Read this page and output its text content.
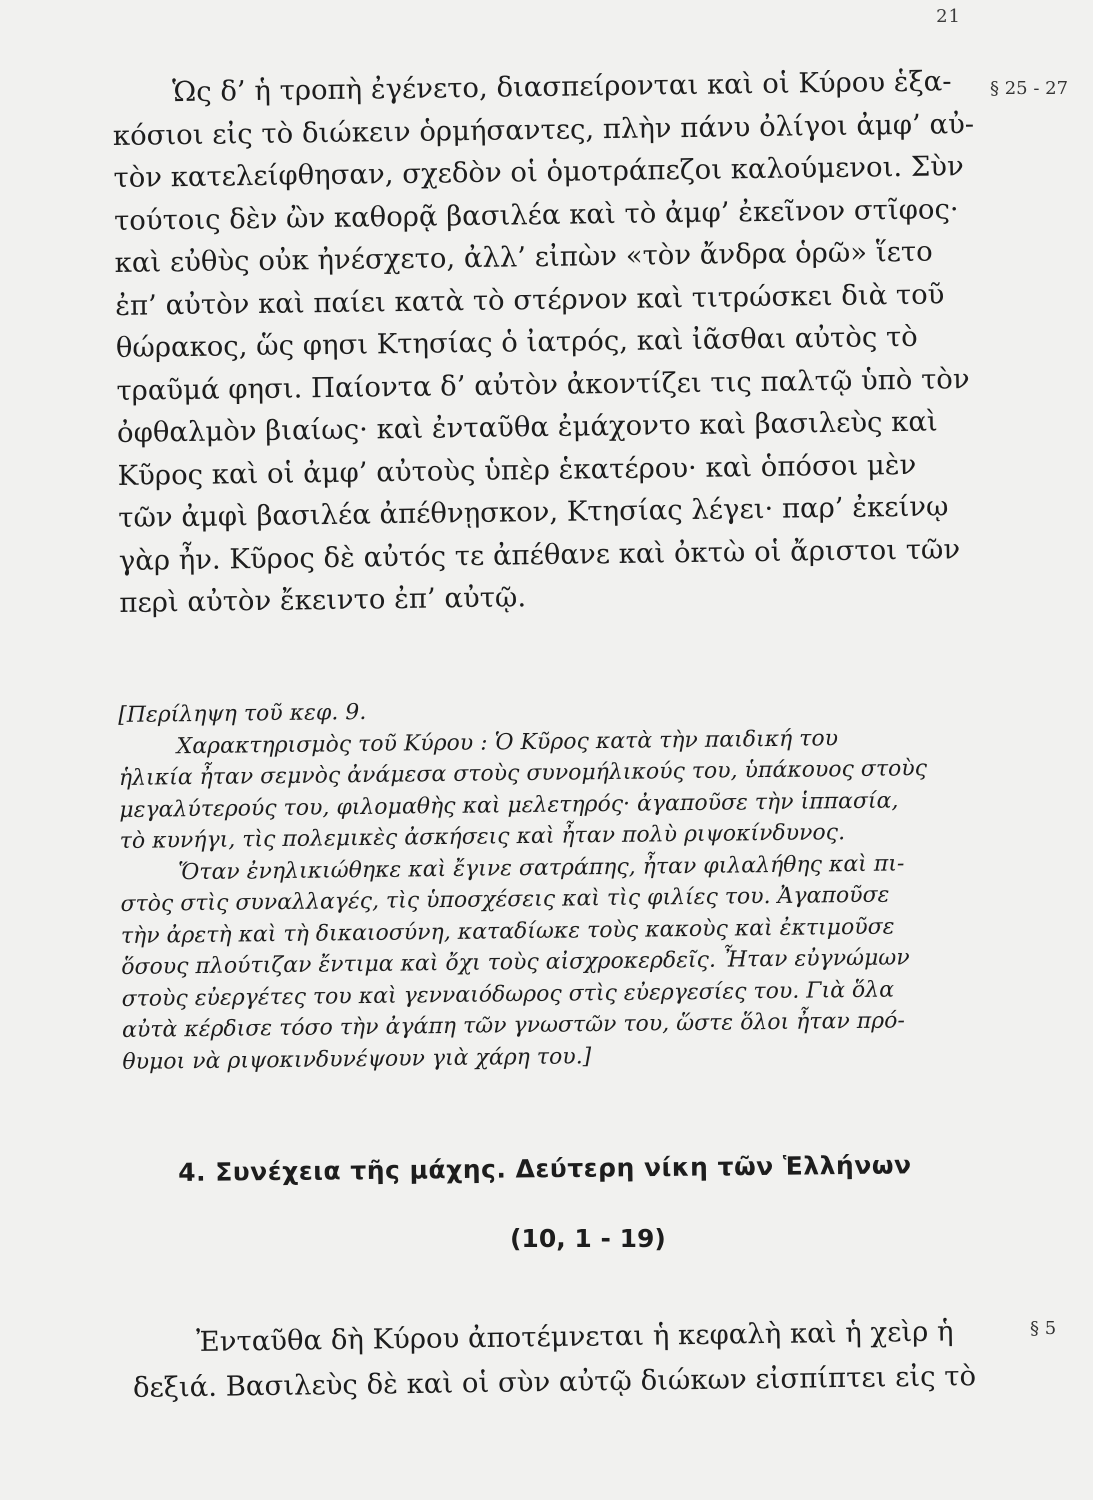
21
Ὡς δ’ ἡ τροπὴ ἐγένετο, διασπείρονται καὶ οἱ Κύρου ἑξα-
κόσιοι εἰς τὸ διώκειν ὁρμήσαντες, πλὴν πάνυ ὀλίγοι ἀμφ’ αὐ-
τὸν κατελείφθησαν, σχεδὸν οἱ ὁμοτράπεζοι καλούμενοι. Σὺν
τούτοις δὲν ὢν καθορᾷ βασιλέα καὶ τὸ ἀμφ’ ἐκεῖνον στῖφος·
καὶ εὐθὺς οὐκ ἠνέσχετο, ἀλλ’ εἰπὼν «τὸν ἄνδρα ὁρῶ» ἵετο
ἐπ’ αὐτὸν καὶ παίει κατὰ τὸ στέρνον καὶ τιτρώσκει διὰ τοῦ
θώρακος, ὥς φησι Κτησίας ὁ ἰατρός, καὶ ἰᾶσθαι αὐτὸς τὸ
τραῦμά φησι. Παίοντα δ’ αὐτὸν ἀκοντίζει τις παλτῷ ὑπὸ τὸν
ὀφθαλμὸν βιαίως· καὶ ἐνταῦθα ἐμάχοντο καὶ βασιλεὺς καὶ
Κῦρος καὶ οἱ ἀμφ’ αὐτοὺς ὑπὲρ ἑκατέρου· καὶ ὁπόσοι μὲν
τῶν ἀμφὶ βασιλέα ἀπέθνῃσκον, Κτησίας λέγει· παρ’ ἐκείνῳ
γὰρ ἦν. Κῦρος δὲ αὐτός τε ἀπέθανε καὶ ὀκτὼ οἱ ἄριστοι τῶν
περὶ αὐτὸν ἔκειντο ἐπ’ αὐτῷ.
§ 25 - 27
[Περίληψη τοῦ κεφ. 9.
Χαρακτηρισμὸς τοῦ Κύρου : Ὁ Κῦρος κατὰ τὴν παιδική του
ἡλικία ἦταν σεμνὸς ἀνάμεσα στοὺς συνομήλικούς του, ὑπάκουος στοὺς
μεγαλύτερούς του, φιλομαθὴς καὶ μελετηρός· ἀγαποῦσε τὴν ἱππασία,
τὸ κυνήγι, τὶς πολεμικὲς ἀσκήσεις καὶ ἦταν πολὺ ριψοκίνδυνος.
Ὅταν ἐνηλικιώθηκε καὶ ἔγινε σατράπης, ἦταν φιλαλήθης καὶ πι-
στὸς στὶς συναλλαγές, τὶς ὑποσχέσεις καὶ τὶς φιλίες του. Ἀγαποῦσε
τὴν ἀρετὴ καὶ τὴ δικαιοσύνη, καταδίωκε τοὺς κακοὺς καὶ ἐκτιμοῦσε
ὅσους πλούτιζαν ἔντιμα καὶ ὄχι τοὺς αἰσχροκερδεῖς. Ἦταν εὐγνώμων
στοὺς εὐεργέτες του καὶ γενναιόδωρος στὶς εὐεργεσίες του. Γιὰ ὅλα
αὐτὰ κέρδισε τόσο τὴν ἀγάπη τῶν γνωστῶν του, ὥστε ὅλοι ἦταν πρό-
θυμοι νὰ ριψοκινδυνέψουν γιὰ χάρη του.]
4. Συνέχεια τῆς μάχης. Δεύτερη νίκη τῶν Ἑλλήνων
(10, 1 - 19)
Ἐνταῦθα δὴ Κύρου ἀποτέμνεται ἡ κεφαλὴ καὶ ἡ χεὶρ ἡ
δεξιά. Βασιλεὺς δὲ καὶ οἱ σὺν αὐτῷ διώκων εἰσπίπτει εἰς τὸ
§ 5
